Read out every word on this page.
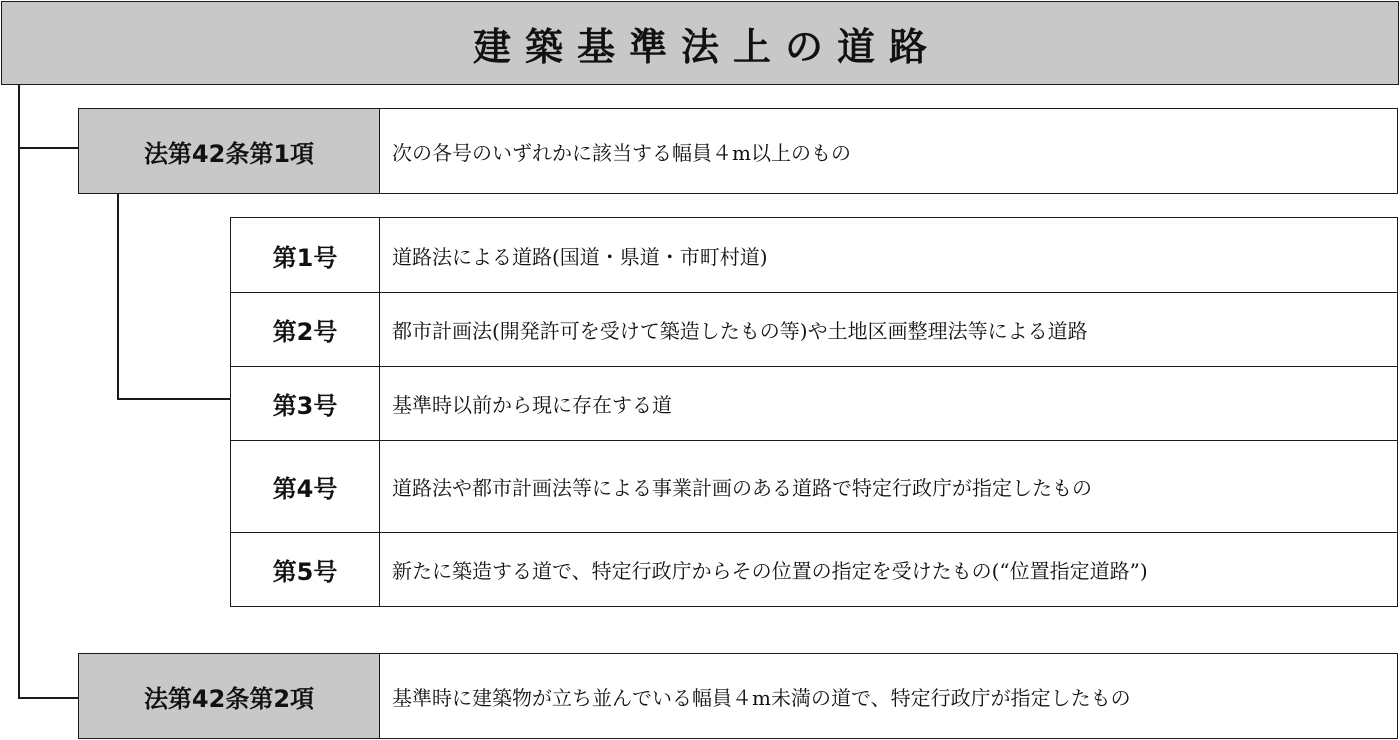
建築基準法上の道路
法第42条第1項	次の各号のいずれかに該当する幅員４m以上のもの
第1号	道路法による道路(国道・県道・市町村道)
第2号	都市計画法(開発許可を受けて築造したもの等)や土地区画整理法等による道路
第3号	基準時以前から現に存在する道
第4号	道路法や都市計画法等による事業計画のある道路で特定行政庁が指定したもの
第5号	新たに築造する道で、特定行政庁からその位置の指定を受けたもの(“位置指定道路”)
法第42条第2項	基準時に建築物が立ち並んでいる幅員４m未満の道で、特定行政庁が指定したもの
